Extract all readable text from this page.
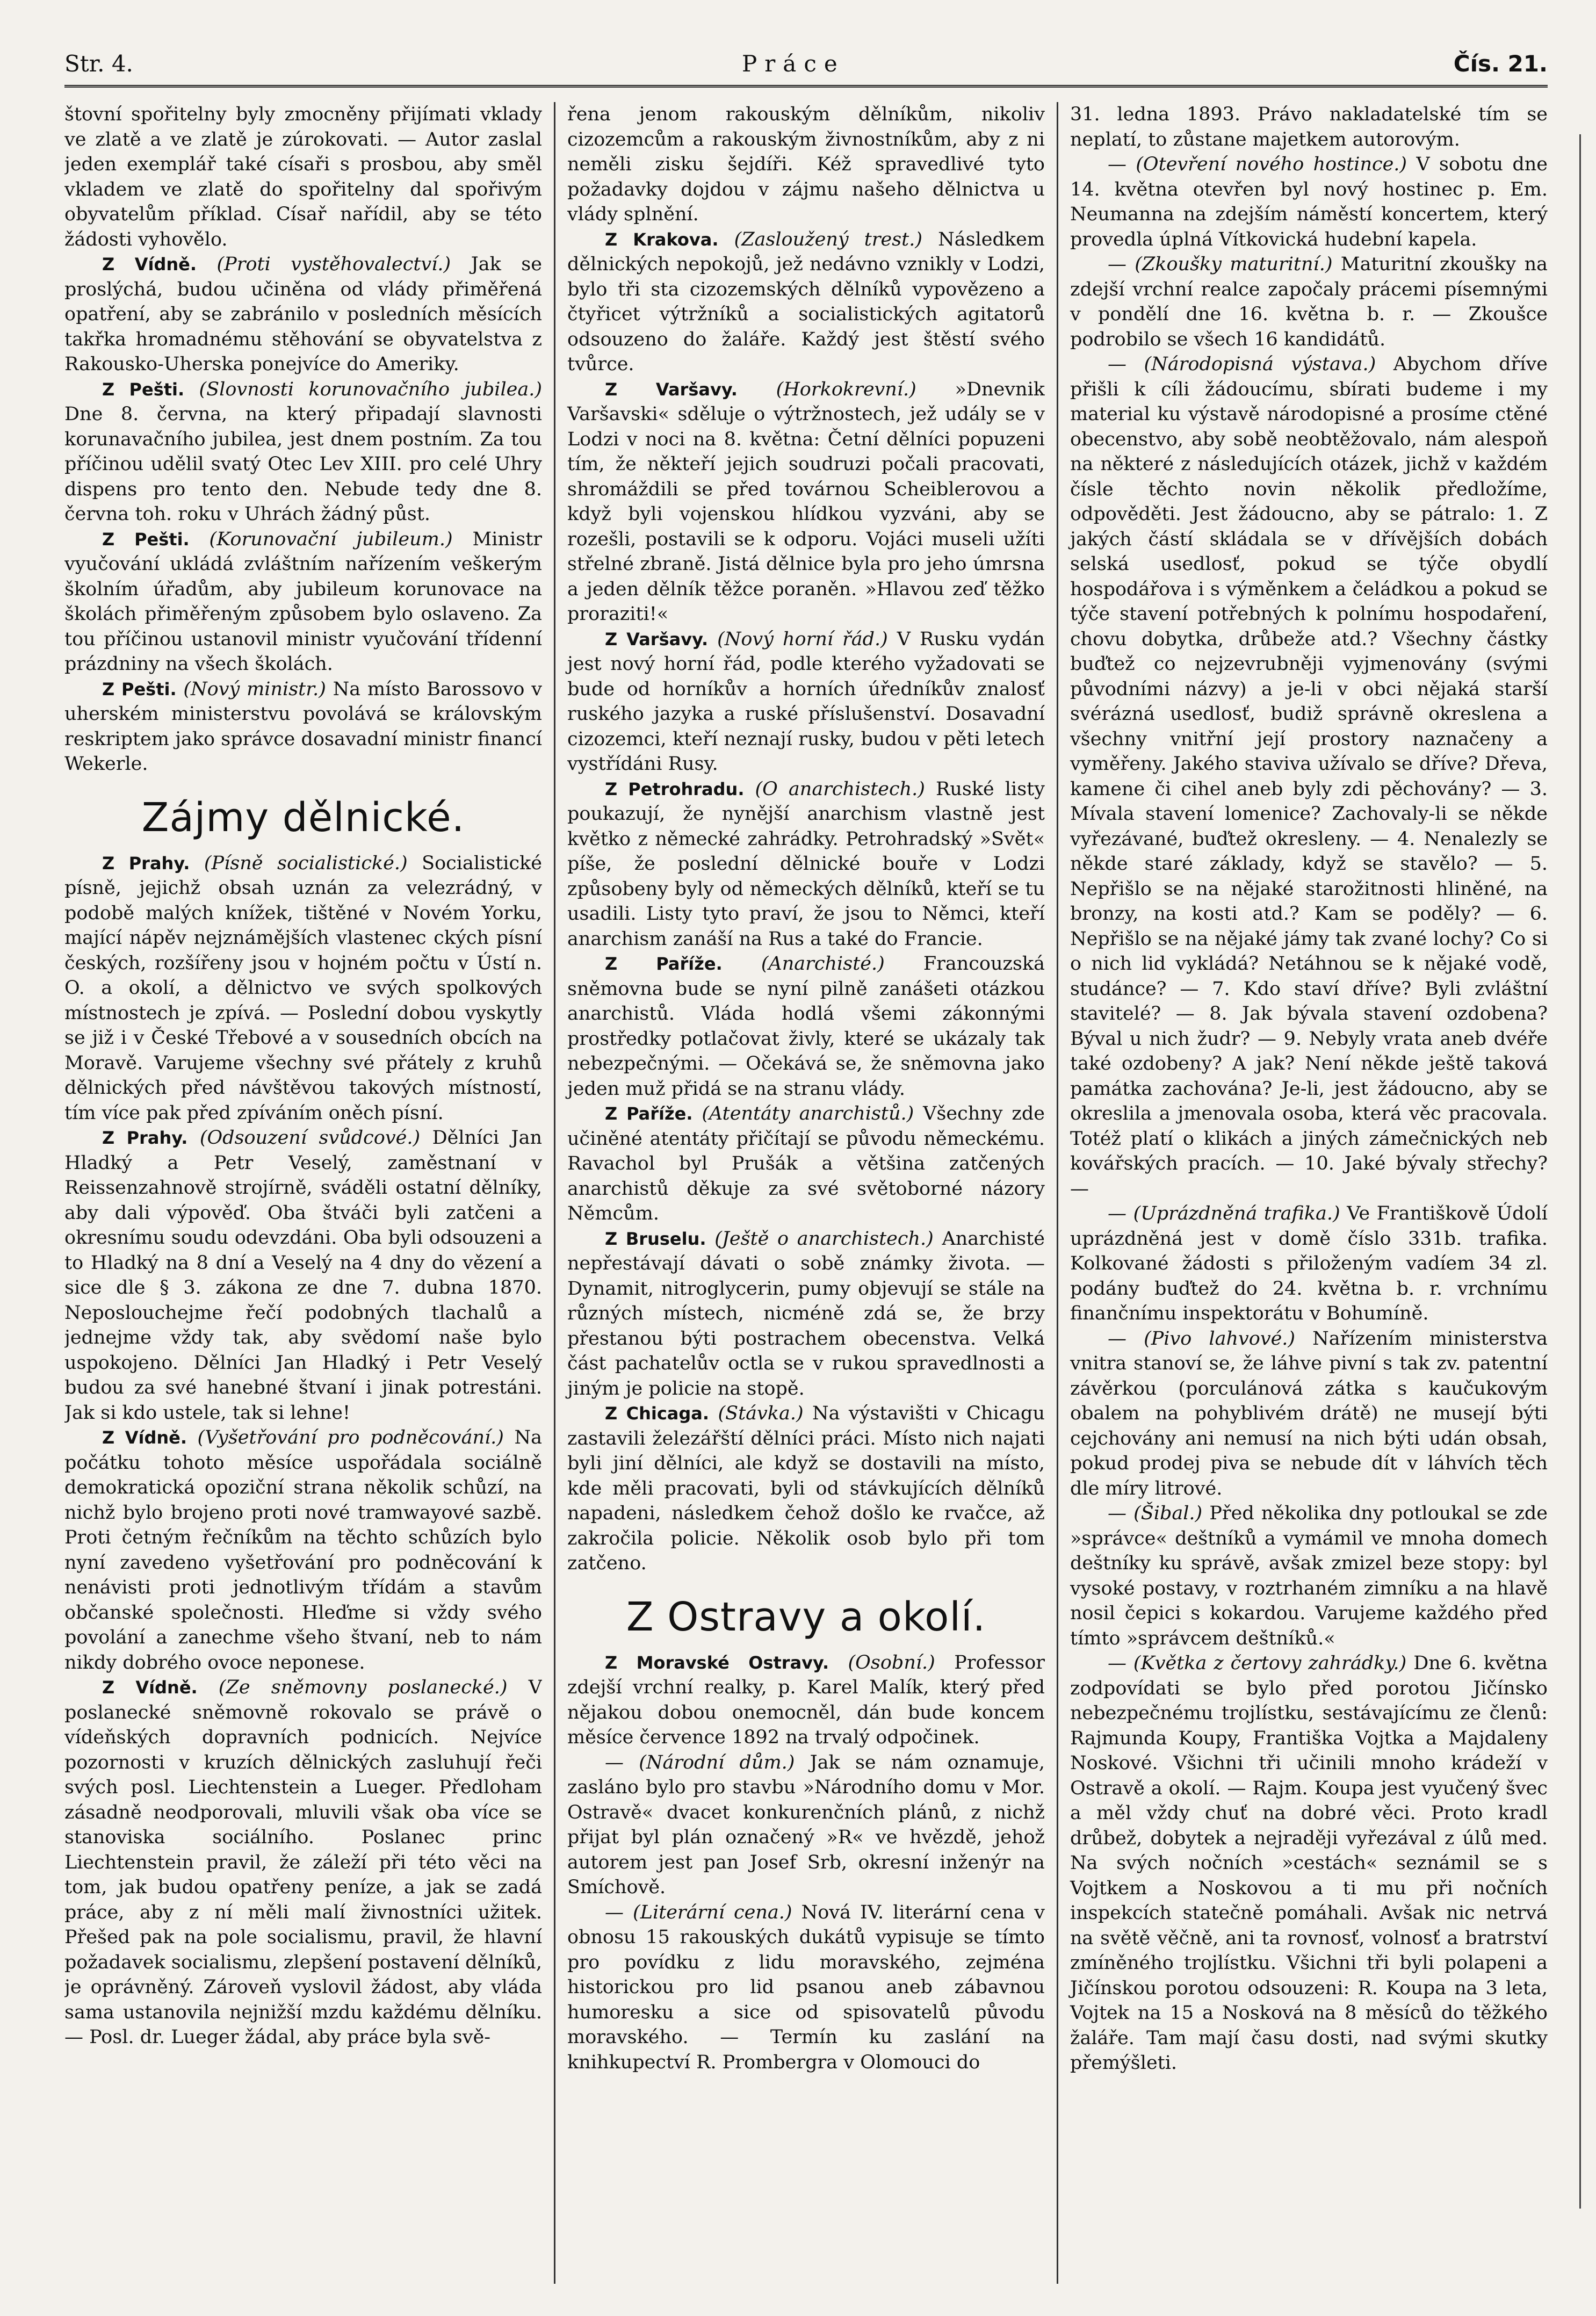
Str. 4.	Práce	Čís. 21.

štovní spořitelny byly zmocněny přijímati vklady ve zlatě a ve zlatě je zúrokovati. — Autor zaslal jeden exemplář také císaři s prosbou, aby směl vkladem ve zlatě do spořitelny dal spořivým obyvatelům příklad. Císař nařídil, aby se této žádosti vyhovělo.

Z Vídně. (Proti vystěhovalectví.) Jak se proslýchá, budou učiněna od vlády přiměřená opatření, aby se zabránilo v posledních měsících takřka hromadnému stěhování se obyvatelstva z Rakousko-Uherska ponejvíce do Ameriky.

Z Pešti. (Slovnosti korunovačního jubilea.) Dne 8. června, na který připadají slavnosti korunavačního jubilea, jest dnem postním. Za tou příčinou udělil svatý Otec Lev XIII. pro celé Uhry dispens pro tento den. Nebude tedy dne 8. června toh. roku v Uhrách žádný půst.

Z Pešti. (Korunovační jubileum.) Ministr vyučování ukládá zvláštním nařízením veškerým školním úřadům, aby jubileum korunovace na školách přiměřeným způsobem bylo oslaveno. Za tou příčinou ustanovil ministr vyučování třídenní prázdniny na všech školách.

Z Pešti. (Nový ministr.) Na místo Barossovo v uherském ministerstvu povolává se královským reskriptem jako správce dosavadní ministr financí Wekerle.

Zájmy dělnické.

Z Prahy. (Písně socialistické.) Socialistické písně, jejichž obsah uznán za velezrádný, v podobě malých knížek, tištěné v Novém Yorku, mající nápěv nejznámějších vlastenec ckých písní českých, rozšířeny jsou v hojném počtu v Ústí n. O. a okolí, a dělnictvo ve svých spolkových místnostech je zpívá. — Poslední dobou vyskytly se již i v České Třebové a v sousedních obcích na Moravě. Varujeme všechny své přátely z kruhů dělnických před návštěvou takových místností, tím více pak před zpíváním oněch písní.

Z Prahy. (Odsouzení svůdcové.) Dělníci Jan Hladký a Petr Veselý, zaměstnaní v Reissenzahnově strojírně, sváděli ostatní dělníky, aby dali výpověď. Oba štváči byli zatčeni a okresnímu soudu odevzdáni. Oba byli odsouzeni a to Hladký na 8 dní a Veselý na 4 dny do vězení a sice dle § 3. zákona ze dne 7. dubna 1870. Neposlouchejme řečí podobných tlachalů a jednejme vždy tak, aby svědomí naše bylo uspokojeno. Dělníci Jan Hladký i Petr Veselý budou za své hanebné štvaní i jinak potrestáni. Jak si kdo ustele, tak si lehne!

Z Vídně. (Vyšetřování pro podněcování.) Na počátku tohoto měsíce uspořádala sociálně demokratická opoziční strana několik schůzí, na nichž bylo brojeno proti nové tramwayové sazbě. Proti četným řečníkům na těchto schůzích bylo nyní zavedeno vyšetřování pro podněcování k nenávisti proti jednotlivým třídám a stavům občanské společnosti. Hleďme si vždy svého povolání a zanechme všeho štvaní, neb to nám nikdy dobrého ovoce neponese.

Z Vídně. (Ze sněmovny poslanecké.) V poslanecké sněmovně rokovalo se právě o vídeňských dopravních podnicích. Nejvíce pozornosti v kruzích dělnických zasluhují řeči svých posl. Liechtenstein a Lueger. Předloham zásadně neodporovali, mluvili však oba více se stanoviska sociálního. Poslanec princ Liechtenstein pravil, že záleží při této věci na tom, jak budou opatřeny peníze, a jak se zadá práce, aby z ní měli malí živnostníci užitek. Přešed pak na pole socialismu, pravil, že hlavní požadavek socialismu, zlepšení postavení dělníků, je oprávněný. Zároveň vyslovil žádost, aby vláda sama ustanovila nejnižší mzdu každému dělníku. — Posl. dr. Lueger žádal, aby práce byla svě-

řena jenom rakouským dělníkům, nikoliv cizozemcům a rakouským živnostníkům, aby z ni neměli zisku šejdíři. Kéž spravedlivé tyto požadavky dojdou v zájmu našeho dělnictva u vlády splnění.

Z Krakova. (Zasloužený trest.) Následkem dělnických nepokojů, jež nedávno vznikly v Lodzi, bylo tři sta cizozemských dělníků vypovězeno a čtyřicet výtržníků a socialistických agitatorů odsouzeno do žaláře. Každý jest štěstí svého tvůrce.

Z Varšavy. (Horkokrevní.) »Dnevnik Varšavski« sděluje o výtržnostech, jež udály se v Lodzi v noci na 8. května: Četní dělníci popuzeni tím, že někteří jejich soudruzi počali pracovati, shromáždili se před továrnou Scheiblerovou a když byli vojenskou hlídkou vyzváni, aby se rozešli, postavili se k odporu. Vojáci museli užíti střelné zbraně. Jistá dělnice byla pro jeho úmrsna a jeden dělník těžce poraněn. »Hlavou zeď těžko proraziti!«

Z Varšavy. (Nový horní řád.) V Rusku vydán jest nový horní řád, podle kterého vyžadovati se bude od horníkův a horních úředníkův znalosť ruského jazyka a ruské příslušenství. Dosavadní cizozemci, kteří neznají rusky, budou v pěti letech vystřídáni Rusy.

Z Petrohradu. (O anarchistech.) Ruské listy poukazují, že nynější anarchism vlastně jest květko z německé zahrádky. Petrohradský »Svět« píše, že poslední dělnické bouře v Lodzi způsobeny byly od německých dělníků, kteří se tu usadili. Listy tyto praví, že jsou to Němci, kteří anarchism zanáší na Rus a také do Francie.

Z Paříže. (Anarchisté.) Francouzská sněmovna bude se nyní pilně zanášeti otázkou anarchistů. Vláda hodlá všemi zákonnými prostředky potlačovat živly, které se ukázaly tak nebezpečnými. — Očekává se, že sněmovna jako jeden muž přidá se na stranu vlády.

Z Paříže. (Atentáty anarchistů.) Všechny zde učiněné atentáty přičítají se původu německému. Ravachol byl Prušák a většina zatčených anarchistů děkuje za své světoborné názory Němcům.

Z Bruselu. (Ještě o anarchistech.) Anarchisté nepřestávají dávati o sobě známky života. — Dynamit, nitroglycerin, pumy objevují se stále na různých místech, nicméně zdá se, že brzy přestanou býti postrachem obecenstva. Velká část pachatelův octla se v rukou spravedlnosti a jiným je policie na stopě.

Z Chicaga. (Stávka.) Na výstavišti v Chicagu zastavili železářští dělníci práci. Místo nich najati byli jiní dělníci, ale když se dostavili na místo, kde měli pracovati, byli od stávkujících dělníků napadeni, následkem čehož došlo ke rvačce, až zakročila policie. Několik osob bylo při tom zatčeno.

Z Ostravy a okolí.

Z Moravské Ostravy. (Osobní.) Professor zdejší vrchní realky, p. Karel Malík, který před nějakou dobou onemocněl, dán bude koncem měsíce července 1892 na trvalý odpočinek.

— (Národní dům.) Jak se nám oznamuje, zasláno bylo pro stavbu »Národního domu v Mor. Ostravě« dvacet konkurenčních plánů, z nichž přijat byl plán označený »R« ve hvězdě, jehož autorem jest pan Josef Srb, okresní inženýr na Smíchově.

— (Literární cena.) Nová IV. literární cena v obnosu 15 rakouských dukátů vypisuje se tímto pro povídku z lidu moravského, zejména historickou pro lid psanou aneb zábavnou humoresku a sice od spisovatelů původu moravského. — Termín ku zaslání na knihkupectví R. Prombergra v Olomouci do

31. ledna 1893. Právo nakladatelské tím se neplatí, to zůstane majetkem autorovým.

— (Otevření nového hostince.) V sobotu dne 14. května otevřen byl nový hostinec p. Em. Neumanna na zdejším náměstí koncertem, který provedla úplná Vítkovická hudební kapela.

— (Zkoušky maturitní.) Maturitní zkoušky na zdejší vrchní realce započaly prácemi písemnými v pondělí dne 16. května b. r. — Zkoušce podrobilo se všech 16 kandidátů.

— (Národopisná výstava.) Abychom dříve přišli k cíli žádoucímu, sbírati budeme i my material ku výstavě národopisné a prosíme ctěné obecenstvo, aby sobě neobtěžovalo, nám alespoň na některé z následujících otázek, jichž v každém čísle těchto novin několik předložíme, odpověděti. Jest žádoucno, aby se pátralo: 1. Z jakých částí skládala se v dřívějších dobách selská usedlosť, pokud se týče obydlí hospodářova i s výměnkem a čeládkou a pokud se týče stavení potřebných k polnímu hospodaření, chovu dobytka, drůbeže atd.? Všechny částky buďtež co nejzevrubněji vyjmenovány (svými původními názvy) a je-li v obci nějaká starší svérázná usedlosť, budiž správně okreslena a všechny vnitřní její prostory naznačeny a vyměřeny. Jakého staviva užívalo se dříve? Dřeva, kamene či cihel aneb byly zdi pěchovány? — 3. Mívala stavení lomenice? Zachovaly-li se někde vyřezávané, buďtež okresleny. — 4. Nenalezly se někde staré základy, když se stavělo? — 5. Nepřišlo se na nějaké starožitnosti hliněné, na bronzy, na kosti atd.? Kam se poděly? — 6. Nepřišlo se na nějaké jámy tak zvané lochy? Co si o nich lid vykládá? Netáhnou se k nějaké vodě, studánce? — 7. Kdo staví dříve? Byli zvláštní stavitelé? — 8. Jak bývala stavení ozdobena? Býval u nich žudr? — 9. Nebyly vrata aneb dvéře také ozdobeny? A jak? Není někde ještě taková památka zachována? Je-li, jest žádoucno, aby se okreslila a jmenovala osoba, která věc pracovala. Totéž platí o klikách a jiných zámečnických neb kovářských pracích. — 10. Jaké bývaly střechy? —

— (Uprázdněná trafika.) Ve Františkově Údolí uprázdněná jest v domě číslo 331b. trafika. Kolkované žádosti s přiloženým vadíem 34 zl. podány buďtež do 24. května b. r. vrchnímu finančnímu inspektorátu v Bohumíně.

— (Pivo lahvové.) Nařízením ministerstva vnitra stanoví se, že láhve pivní s tak zv. patentní závěrkou (porculánová zátka s kaučukovým obalem na pohyblivém drátě) ne musejí býti cejchovány ani nemusí na nich býti udán obsah, pokud prodej piva se nebude dít v láhvích těch dle míry litrové.

— (Šibal.) Před několika dny potloukal se zde »správce« deštníků a vymámil ve mnoha domech deštníky ku správě, avšak zmizel beze stopy: byl vysoké postavy, v roztrhaném zimníku a na hlavě nosil čepici s kokardou. Varujeme každého před tímto »správcem deštníků.«

— (Květka z čertovy zahrádky.) Dne 6. května zodpovídati se bylo před porotou Jičínsko nebezpečnému trojlístku, sestávajícímu ze členů: Rajmunda Koupy, Františka Vojtka a Majdaleny Noskové. Všichni tři učinili mnoho krádeží v Ostravě a okolí. — Rajm. Koupa jest vyučený švec a měl vždy chuť na dobré věci. Proto kradl drůbež, dobytek a nejraději vyřezával z úlů med. Na svých nočních »cestách« seznámil se s Vojtkem a Noskovou a ti mu při nočních inspekcích statečně pomáhali. Avšak nic netrvá na světě věčně, ani ta rovnosť, volnosť a bratrství zmíněného trojlístku. Všichni tři byli polapeni a Jičínskou porotou odsouzeni: R. Koupa na 3 leta, Vojtek na 15 a Nosková na 8 měsíců do těžkého žaláře. Tam mají času dosti, nad svými skutky přemýšleti.
